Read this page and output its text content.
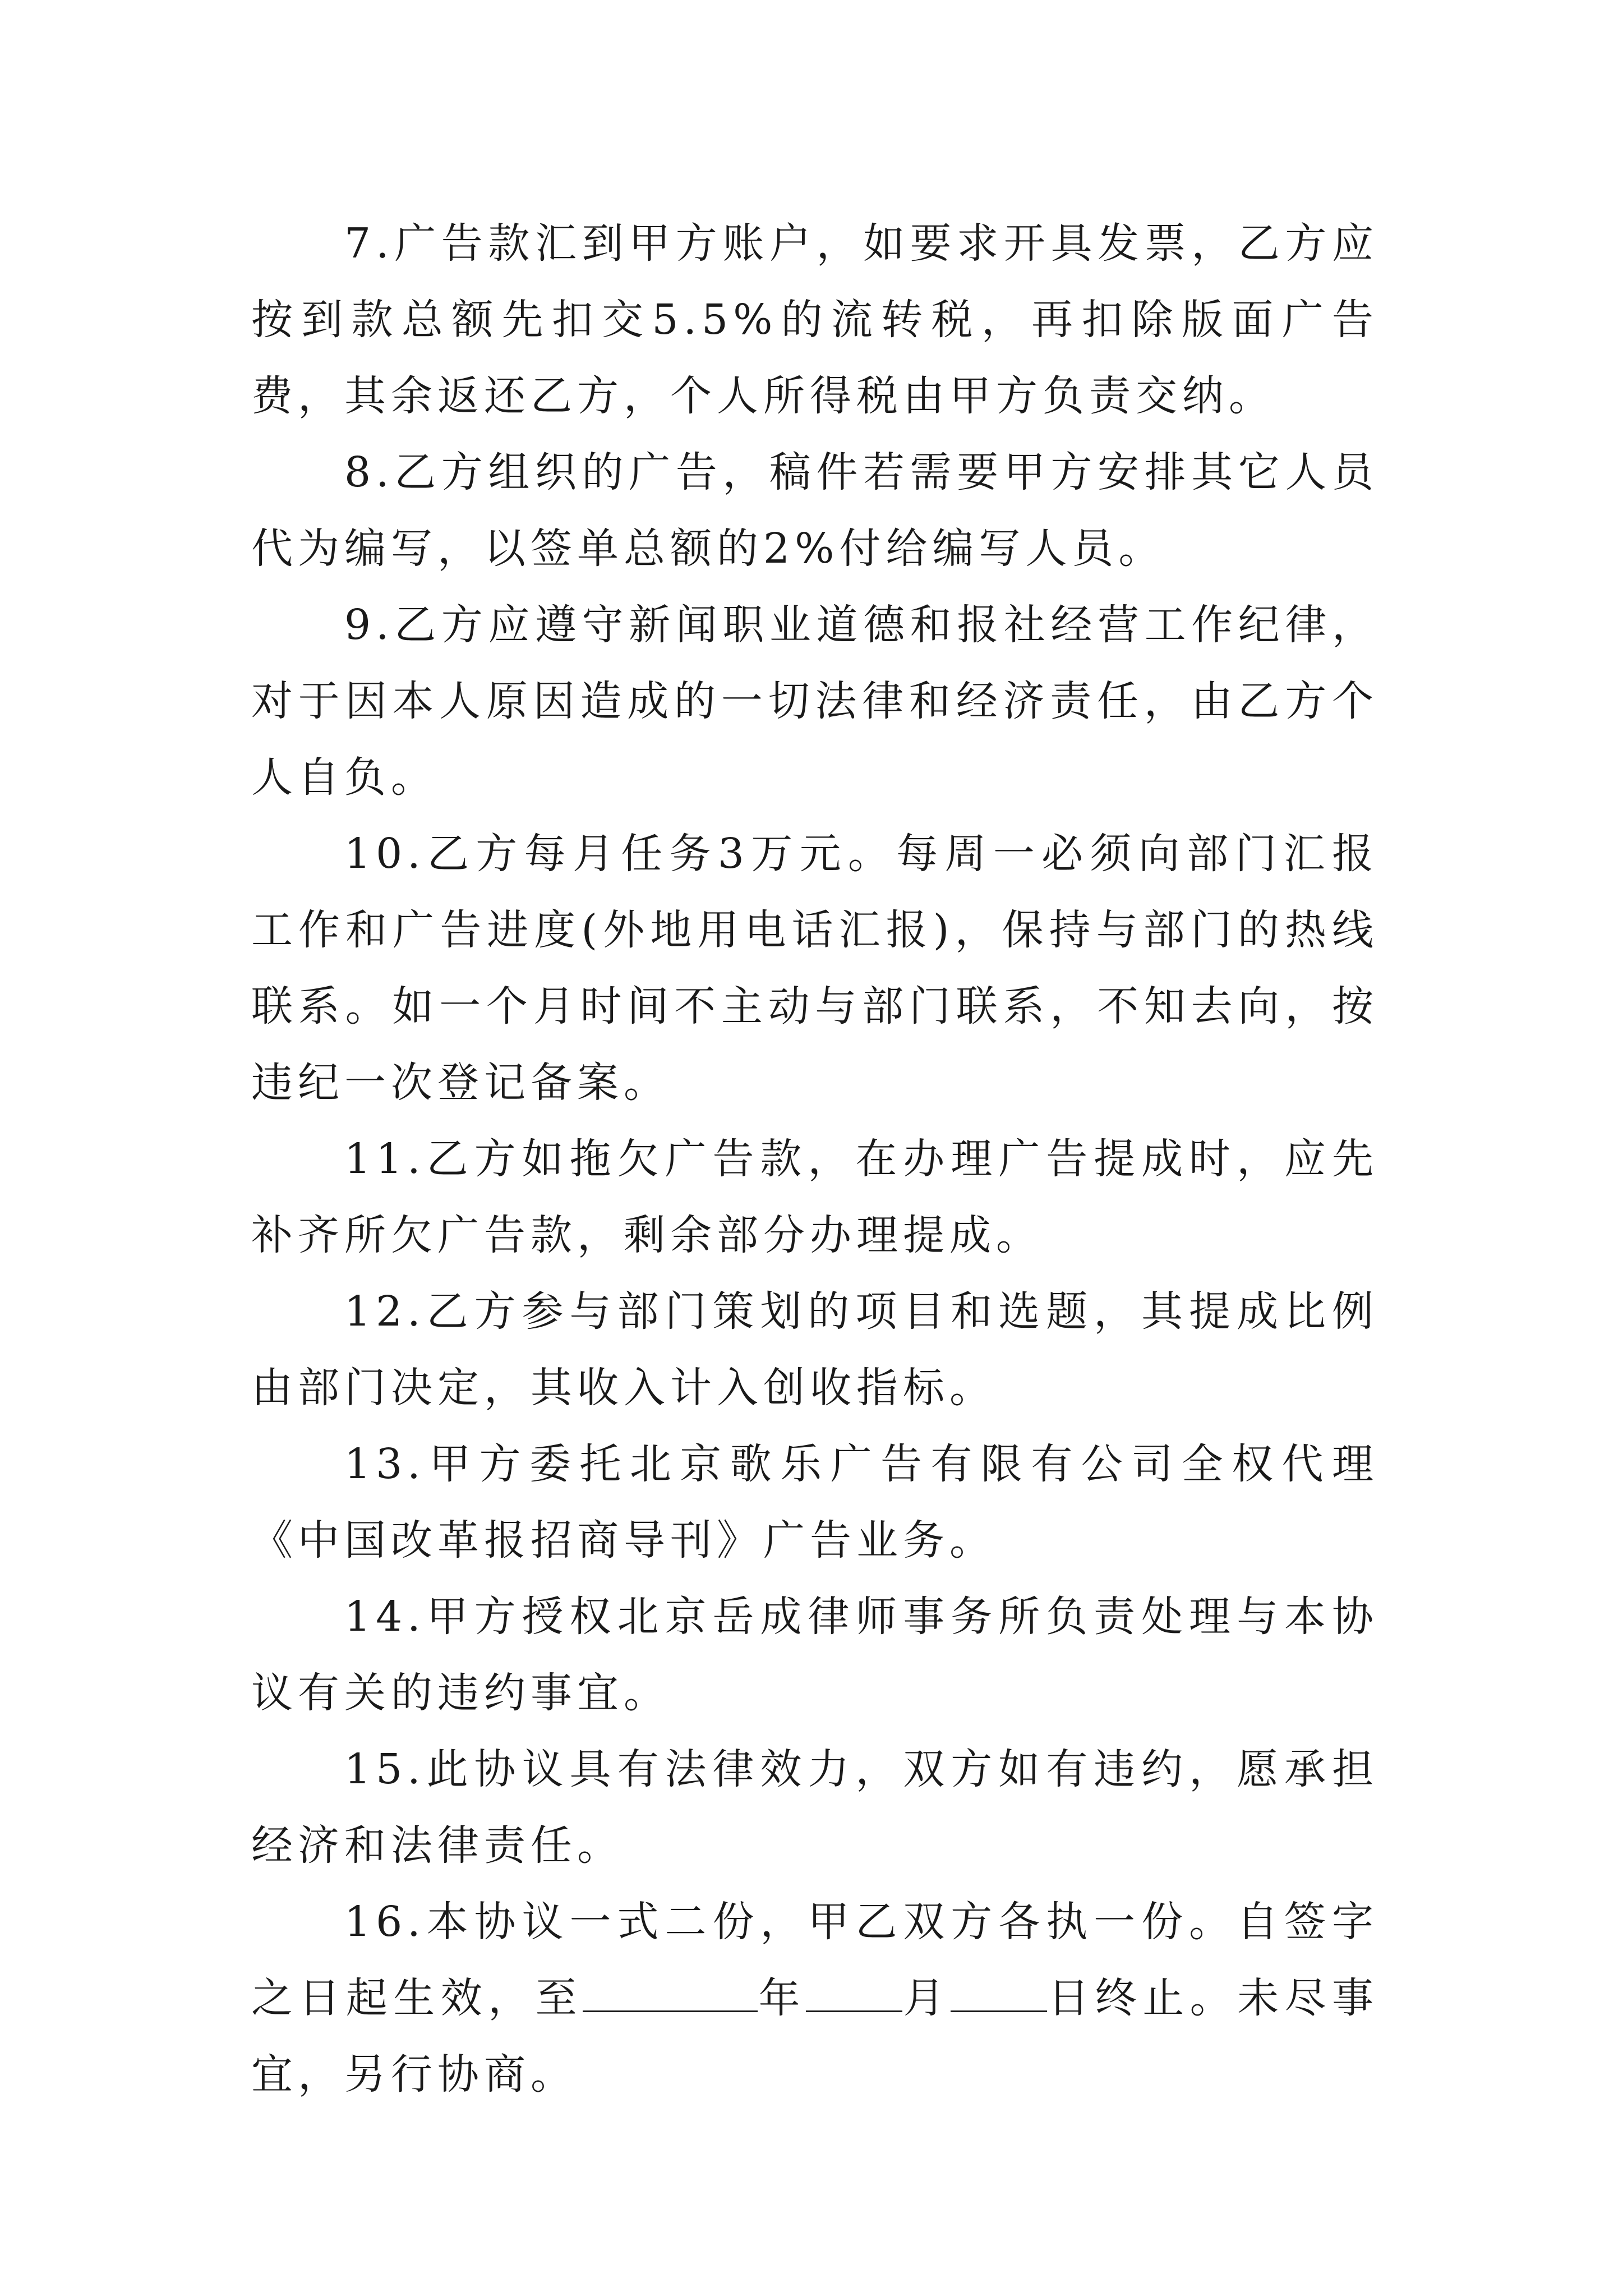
7.广告款汇到甲方账户，如要求开具发票，乙方应按到款总额先扣交5.5%的流转税，再扣除版面广告费，其余返还乙方，个人所得税由甲方负责交纳。

8.乙方组织的广告，稿件若需要甲方安排其它人员代为编写，以签单总额的2%付给编写人员。

9.乙方应遵守新闻职业道德和报社经营工作纪律，对于因本人原因造成的一切法律和经济责任，由乙方个人自负。

10.乙方每月任务3万元。每周一必须向部门汇报工作和广告进度(外地用电话汇报)，保持与部门的热线联系。如一个月时间不主动与部门联系，不知去向，按违纪一次登记备案。

11.乙方如拖欠广告款，在办理广告提成时，应先补齐所欠广告款，剩余部分办理提成。

12.乙方参与部门策划的项目和选题，其提成比例由部门决定，其收入计入创收指标。

13.甲方委托北京歌乐广告有限有公司全权代理《中国改革报招商导刊》广告业务。

14.甲方授权北京岳成律师事务所负责处理与本协议有关的违约事宜。

15.此协议具有法律效力，双方如有违约，愿承担经济和法律责任。

16.本协议一式二份，甲乙双方各执一份。自签字之日起生效，至	年 月 日终止。未尽事宜，另行协商。
